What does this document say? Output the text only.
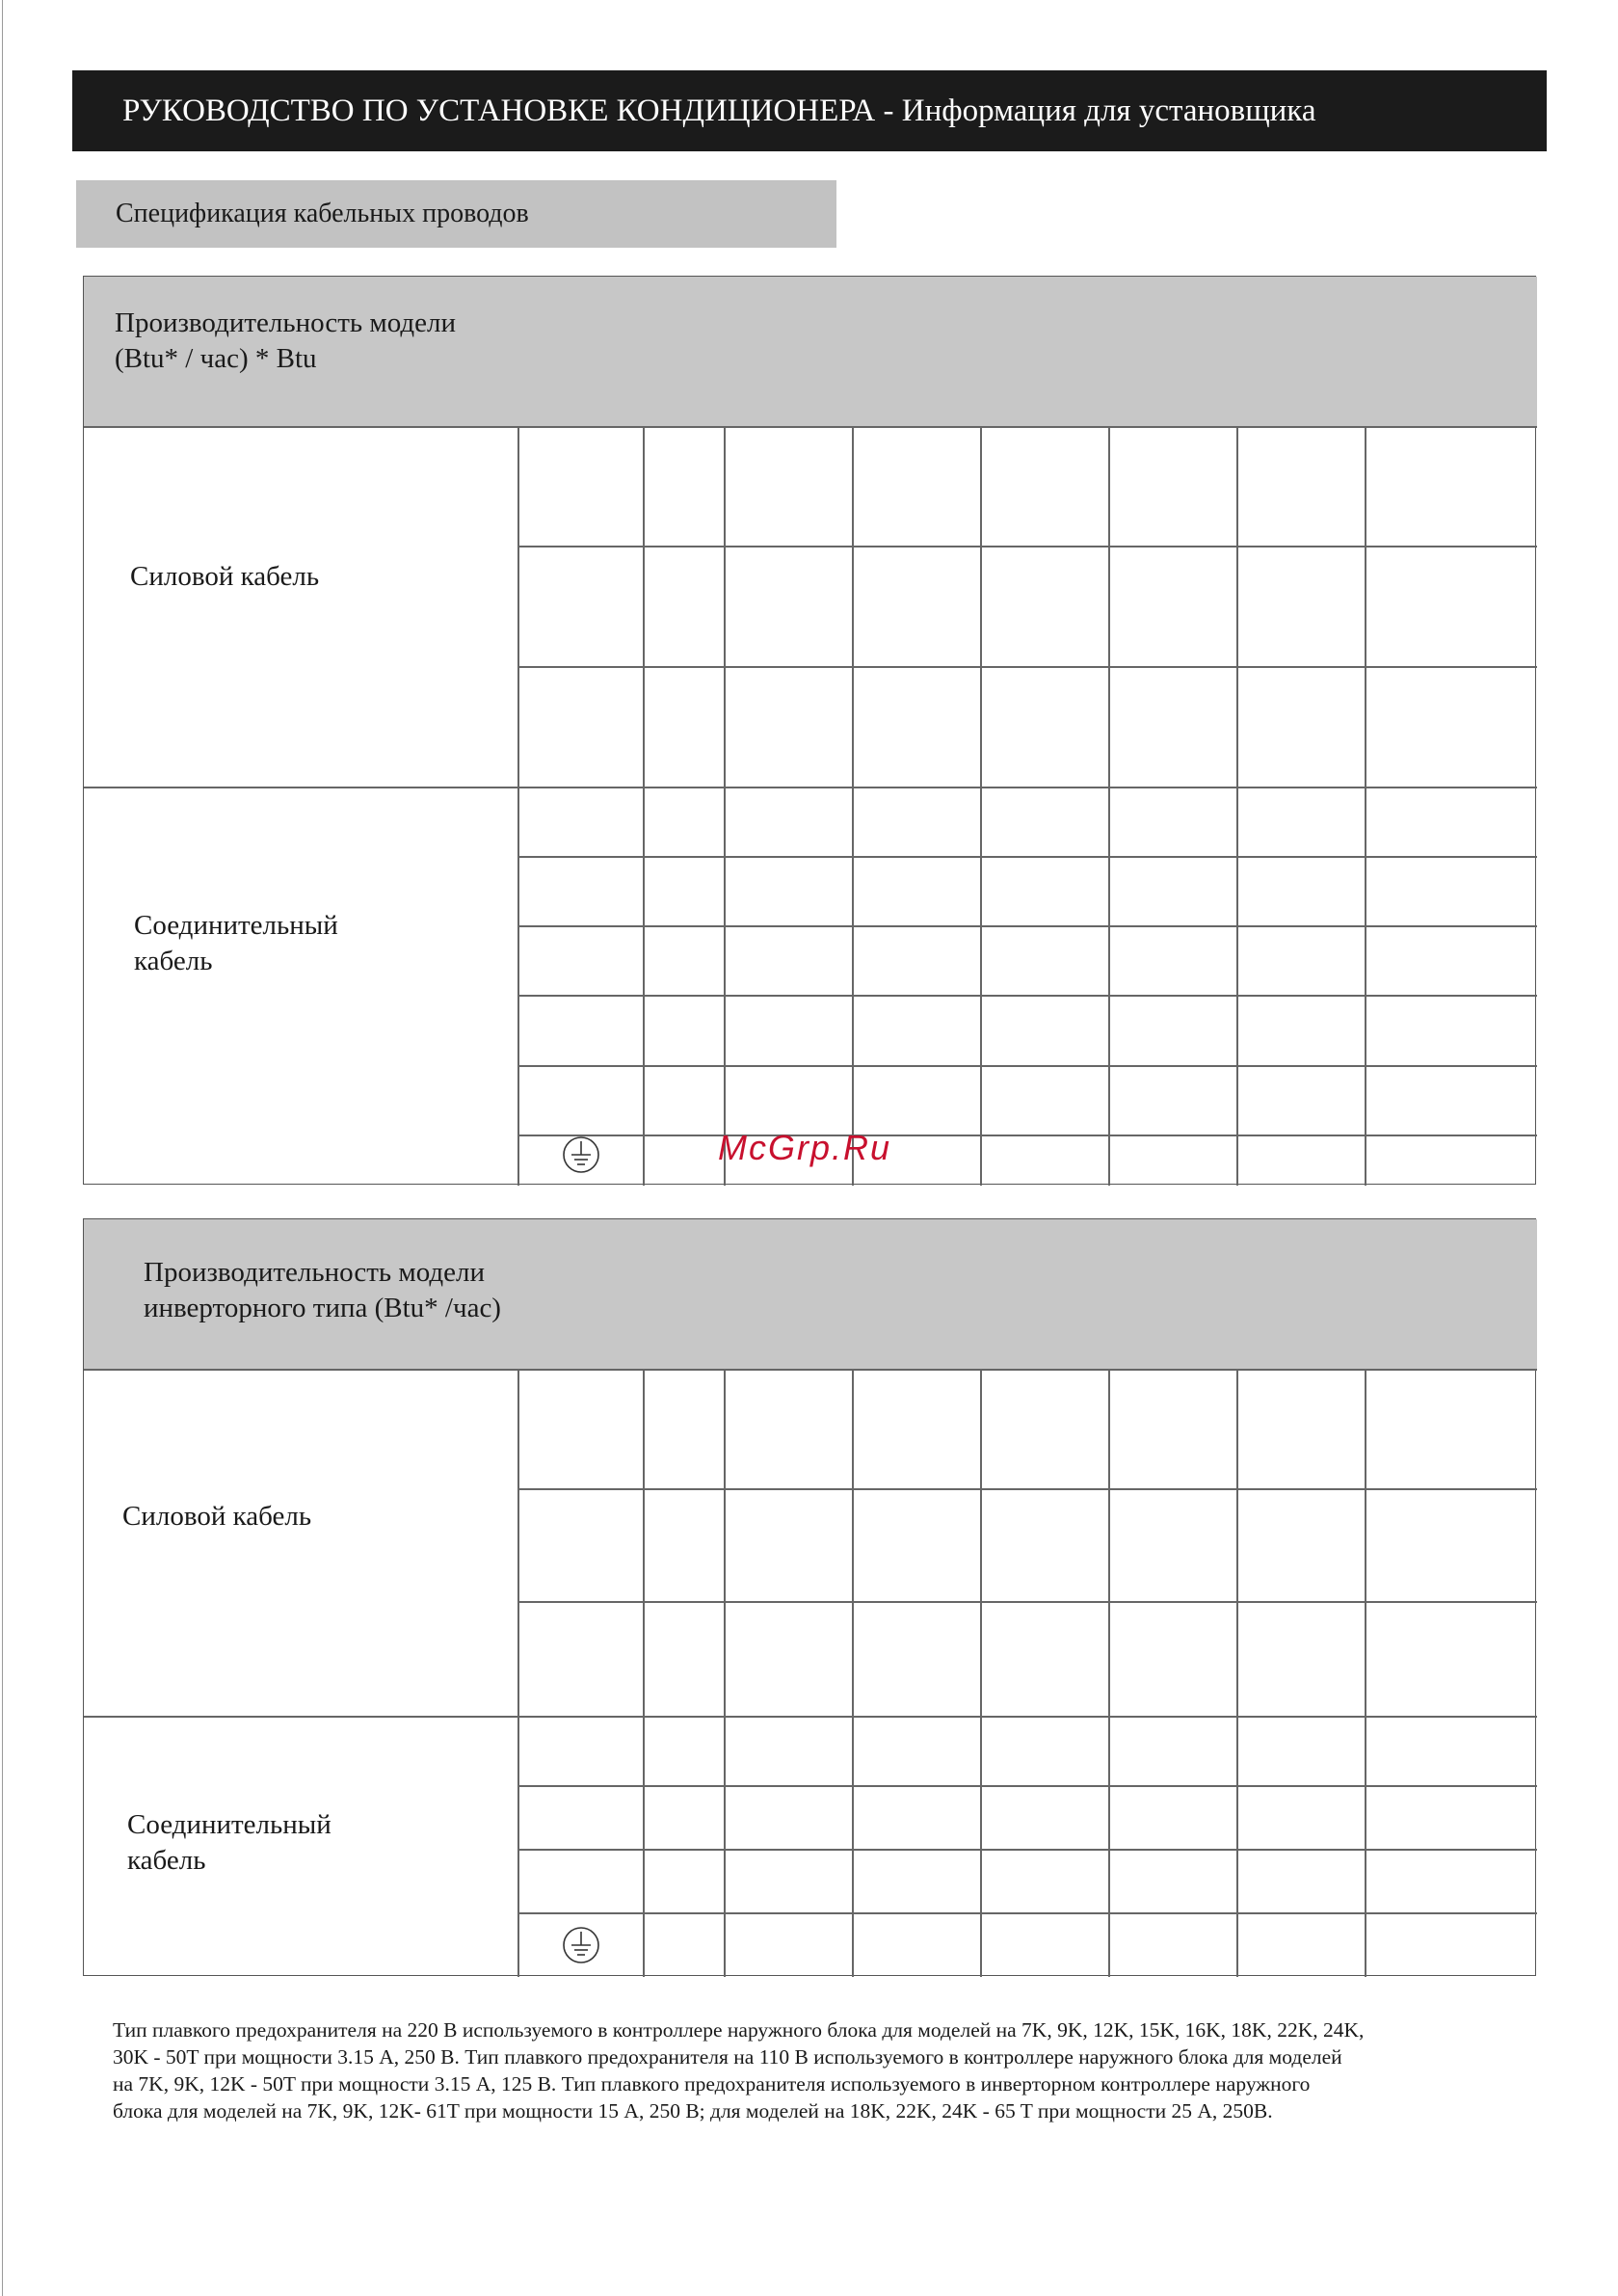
РУКОВОДСТВО ПО УСТАНОВКЕ КОНДИЦИОНЕРА - Информация для установщика
Спецификация кабельных проводов
Производительность модели
(Btu* / час) * Btu
Силовой кабель
Соединительный
кабель
Производительность модели
инверторного типа (Btu* /час)
Силовой кабель
Соединительный
кабель
McGrp.Ru
Тип плавкого предохранителя на 220 В используемого в контроллере наружного блока для моделей на 7K, 9K, 12K, 15K, 16K, 18K, 22K, 24K,
30K - 50T при мощности 3.15 А, 250 В. Тип плавкого предохранителя на 110 В используемого в контроллере наружного блока для моделей
на 7K, 9K, 12K - 50T при мощности 3.15 А, 125 В. Тип плавкого предохранителя используемого в инверторном контроллере наружного
блока для моделей на 7K, 9K, 12K- 61T при мощности 15 А, 250 В; для моделей на 18K, 22K, 24K - 65 T при мощности 25 А, 250В.
